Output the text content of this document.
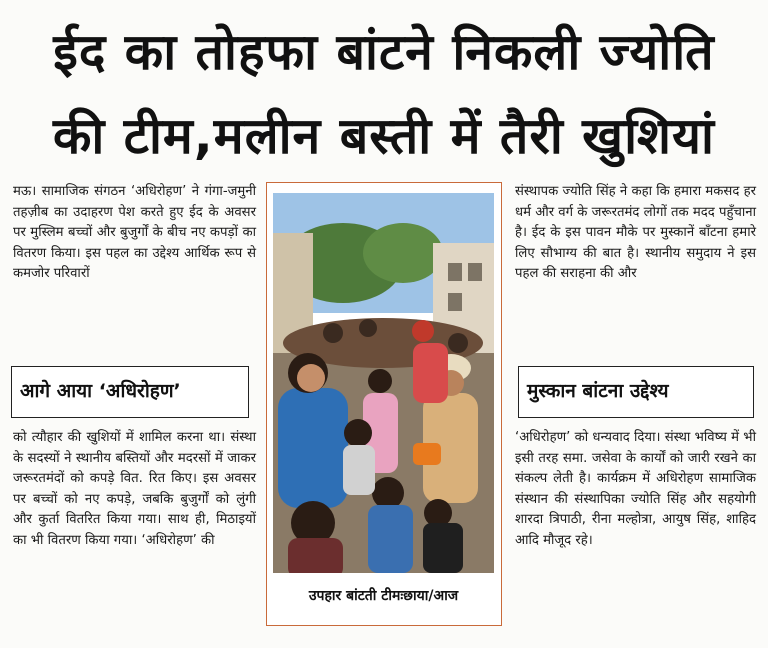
ईद का तोहफा बांटने निकली ज्योति
की टीम,मलीन बस्ती में तैरी खुशियां

मऊ। सामाजिक संगठन ‘अधिरोहण’ ने गंगा-जमुनी तहज़ीब का उदाहरण पेश करते हुए ईद के अवसर पर मुस्लिम बच्चों और बुजुर्गों के बीच नए कपड़ों का वितरण किया। इस पहल का उद्देश्य आर्थिक रूप से कमजोर परिवारों

आगे आया ‘अधिरोहण’

को त्यौहार की खुशियों में शामिल करना था। संस्था के सदस्यों ने स्थानीय बस्तियों और मदरसों में जाकर जरूरतमंदों को कपड़े वित. रित किए। इस अवसर पर बच्चों को नए कपड़े, जबकि बुजुर्गों को लुंगी और कुर्ता वितरित किया गया। साथ ही, मिठाइयों का भी वितरण किया गया। ‘अधिरोहण’ की

उपहार बांटती टीमःछाया/आज

संस्थापक ज्योति सिंह ने कहा कि हमारा मकसद हर धर्म और वर्ग के जरूरतमंद लोगों तक मदद पहुँचाना है। ईद के इस पावन मौके पर मुस्कानें बाँटना हमारे लिए सौभाग्य की बात है। स्थानीय समुदाय ने इस पहल की सराहना की और

मुस्कान बांटना उद्देश्य

‘अधिरोहण’ को धन्यवाद दिया। संस्था भविष्य में भी इसी तरह समा. जसेवा के कार्यों को जारी रखने का संकल्प लेती है। कार्यक्रम में अधिरोहण सामाजिक संस्थान की संस्थापिका ज्योति सिंह और सहयोगी शारदा त्रिपाठी, रीना मल्होत्रा, आयुष सिंह, शाहिद आदि मौजूद रहे।
